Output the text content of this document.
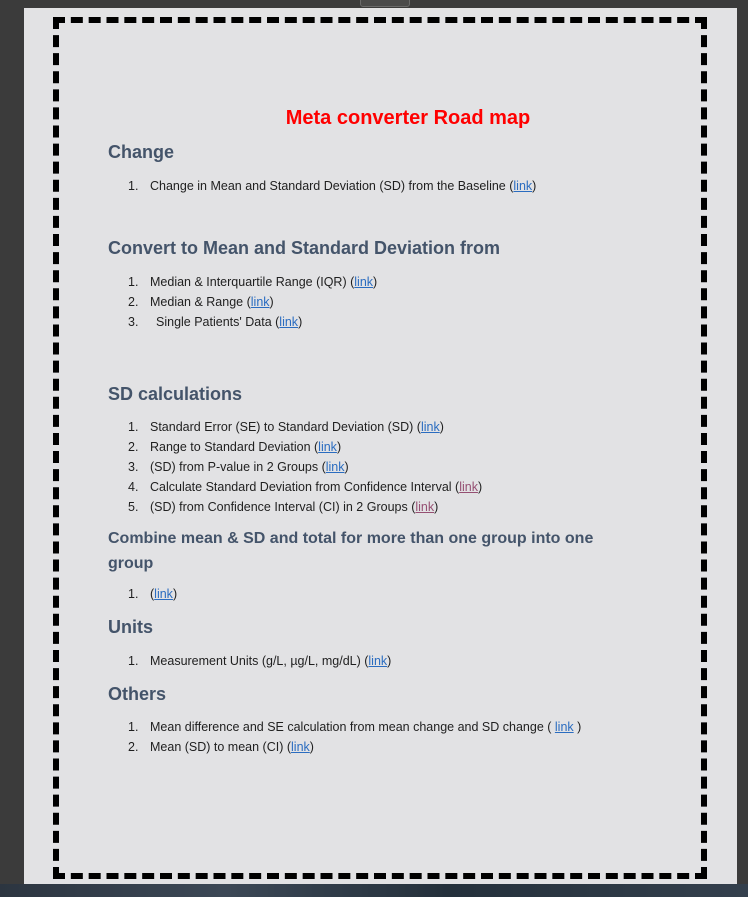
Meta converter Road map
Change
1. Change in Mean and Standard Deviation (SD) from the Baseline (link)
Convert to Mean and Standard Deviation from
1. Median & Interquartile Range (IQR) (link)
2. Median & Range (link)
3. Single Patients' Data (link)
SD calculations
1. Standard Error (SE) to Standard Deviation (SD) (link)
2. Range to Standard Deviation (link)
3. (SD) from P-value in 2 Groups (link)
4. Calculate Standard Deviation from Confidence Interval (link)
5. (SD) from Confidence Interval (CI) in 2 Groups (link)
Combine mean & SD and total for more than one group into one group
1. (link)
Units
1. Measurement Units (g/L, µg/L, mg/dL) (link)
Others
1. Mean difference and SE calculation from mean change and SD change ( link )
2. Mean (SD) to mean (CI) (link)
